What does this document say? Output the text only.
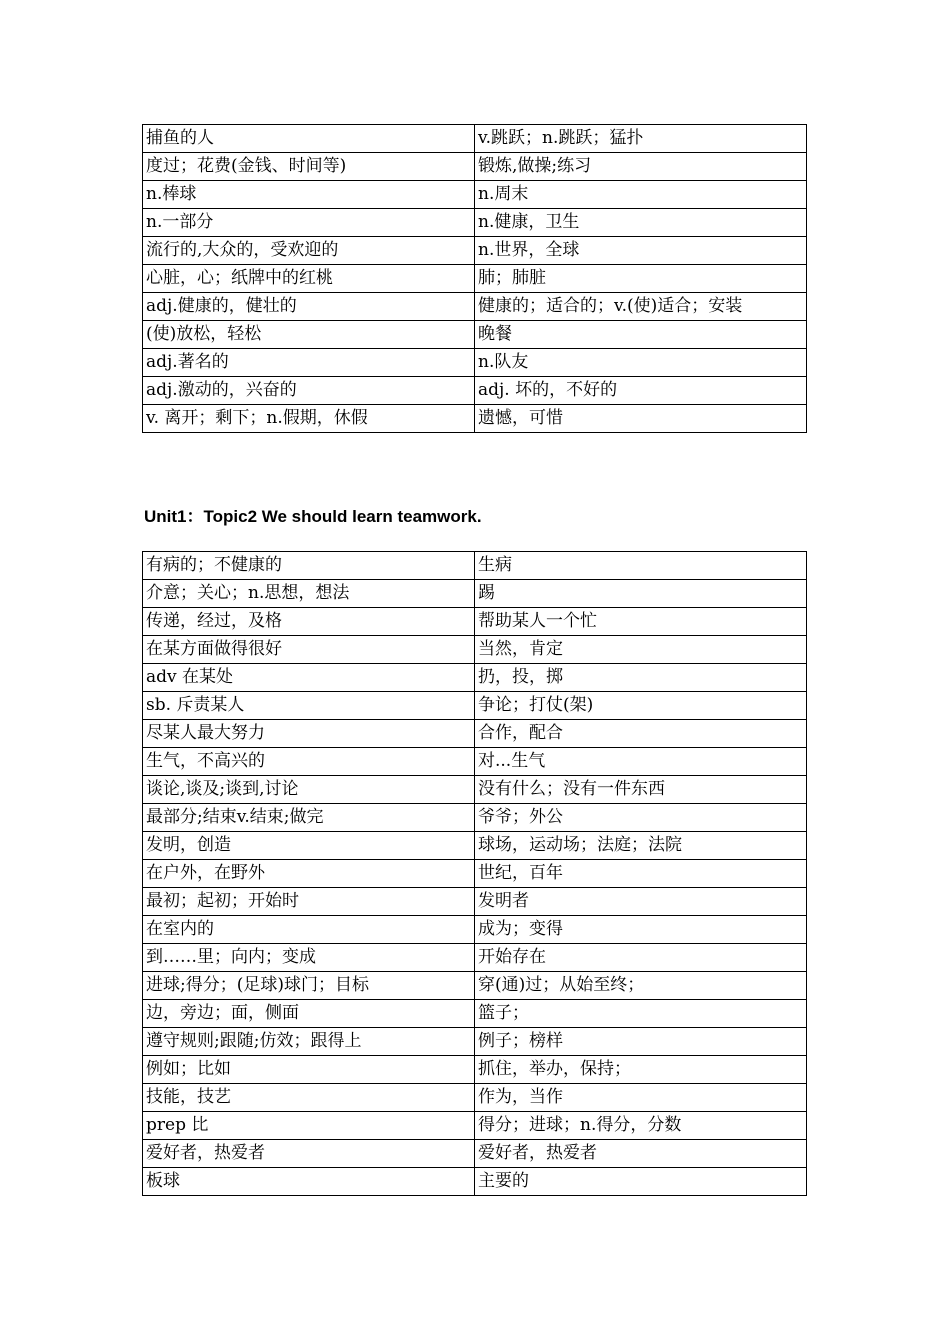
捕鱼的人	v.跳跃；n.跳跃；猛扑
度过；花费(金钱、时间等)	锻炼,做操;练习
n.棒球	n.周末
n.一部分	n.健康，卫生
流行的,大众的，受欢迎的	n.世界，全球
心脏，心；纸牌中的红桃	肺；肺脏
adj.健康的，健壮的	健康的；适合的；v.(使)适合；安装
(使)放松，轻松	晚餐
adj.著名的	n.队友
adj.激动的，兴奋的	adj. 坏的，不好的
v. 离开；剩下；n.假期，休假	遗憾，可惜
Unit1：Topic2 We should learn teamwork.
有病的；不健康的	生病
介意；关心；n.思想，想法	踢
传递，经过，及格	帮助某人一个忙
在某方面做得很好	当然，肯定
adv 在某处	扔，投，掷
sb. 斥责某人	争论；打仗(架)
尽某人最大努力	合作，配合
生气，不高兴的	对...生气
谈论,谈及;谈到,讨论	没有什么；没有一件东西
最部分;结束v.结束;做完	爷爷；外公
发明，创造	球场，运动场；法庭；法院
在户外，在野外	世纪，百年
最初；起初；开始时	发明者
在室内的	成为；变得
到……里；向内；变成	开始存在
进球;得分；(足球)球门；目标	穿(通)过；从始至终；
边，旁边；面，侧面	篮子；
遵守规则;跟随;仿效；跟得上	例子；榜样
例如；比如	抓住，举办，保持；
技能，技艺	作为，当作
prep 比	得分；进球；n.得分，分数
爱好者，热爱者	爱好者，热爱者
板球	主要的
